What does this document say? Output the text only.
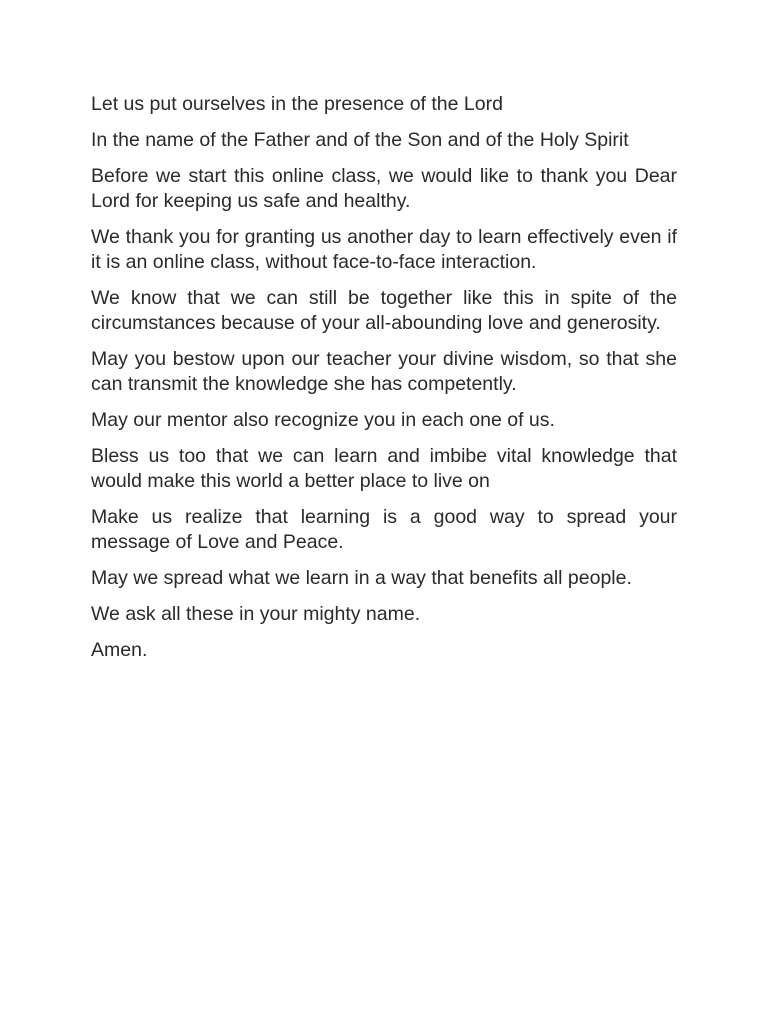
Let us put ourselves in the presence of the Lord

In the name of the Father and of the Son and of the Holy Spirit

Before we start this online class, we would like to thank you Dear Lord for keeping us safe and healthy.

We thank you for granting us another day to learn effectively even if it is an online class, without face-to-face interaction.

We know that we can still be together like this in spite of the circumstances because of your all-abounding love and generosity.

May you bestow upon our teacher your divine wisdom, so that she can transmit the knowledge she has competently.

May our mentor also recognize you in each one of us.

Bless us too that we can learn and imbibe vital knowledge that would make this world a better place to live on

Make us realize that learning is a good way to spread your message of Love and Peace.

May we spread what we learn in a way that benefits all people.

We ask all these in your mighty name.

Amen.
